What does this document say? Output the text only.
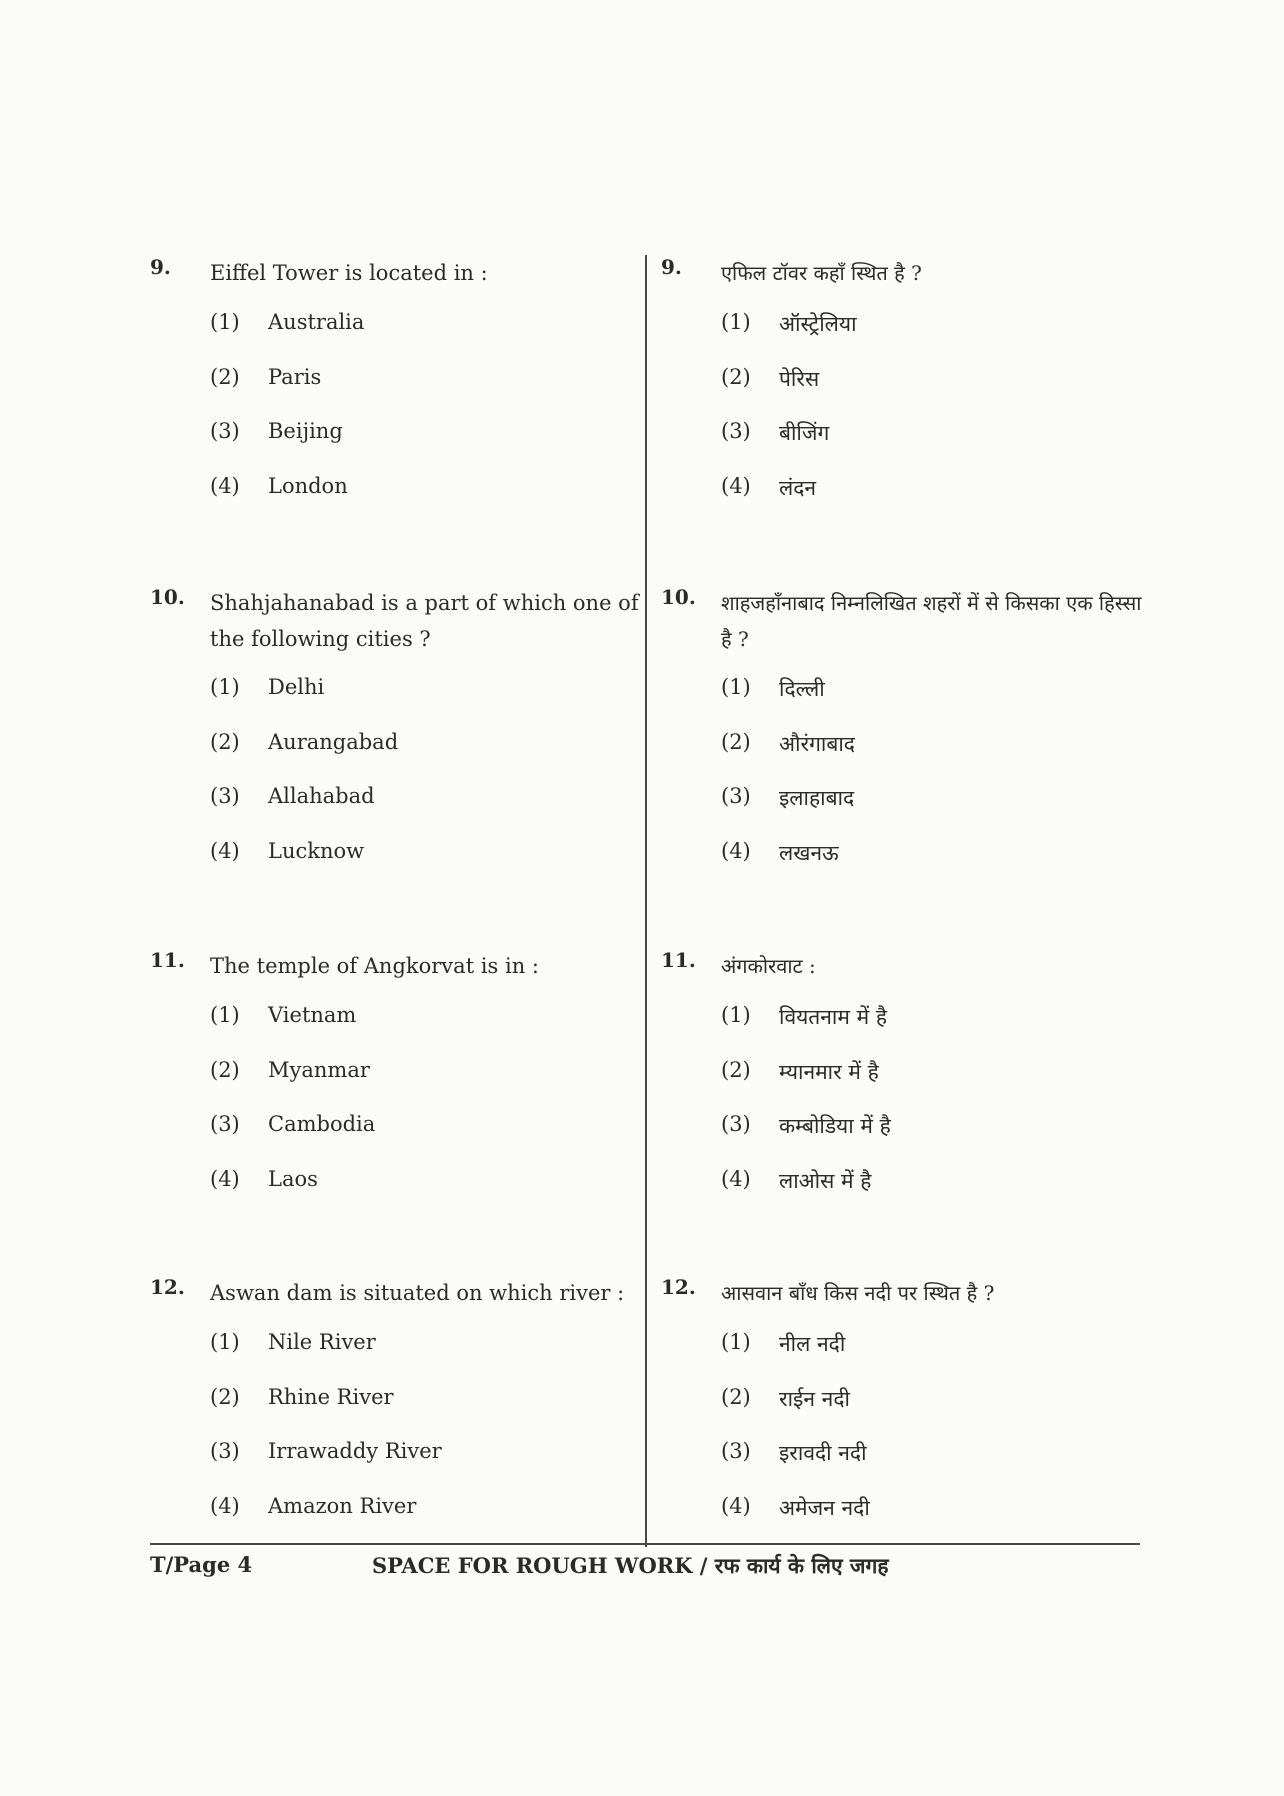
9. Eiffel Tower is located in :
(1) Australia
(2) Paris
(3) Beijing
(4) London
10. Shahjahanabad is a part of which one of the following cities ?
(1) Delhi
(2) Aurangabad
(3) Allahabad
(4) Lucknow
11. The temple of Angkorvat is in :
(1) Vietnam
(2) Myanmar
(3) Cambodia
(4) Laos
12. Aswan dam is situated on which river :
(1) Nile River
(2) Rhine River
(3) Irrawaddy River
(4) Amazon River
9. एफिल टॉवर कहाँ स्थित है ?
(1) ऑस्ट्रेलिया
(2) पेरिस
(3) बीजिंग
(4) लंदन
10. शाहजहाँनाबाद निम्नलिखित शहरों में से किसका एक हिस्सा है ?
(1) दिल्ली
(2) औरंगाबाद
(3) इलाहाबाद
(4) लखनऊ
11. अंगकोरवाट :
(1) वियतनाम में है
(2) म्यानमार में है
(3) कम्बोडिया में है
(4) लाओस में है
12. आसवान बाँध किस नदी पर स्थित है ?
(1) नील नदी
(2) राईन नदी
(3) इरावदी नदी
(4) अमेजन नदी
T/Page 4	SPACE FOR ROUGH WORK / रफ कार्य के लिए जगह
